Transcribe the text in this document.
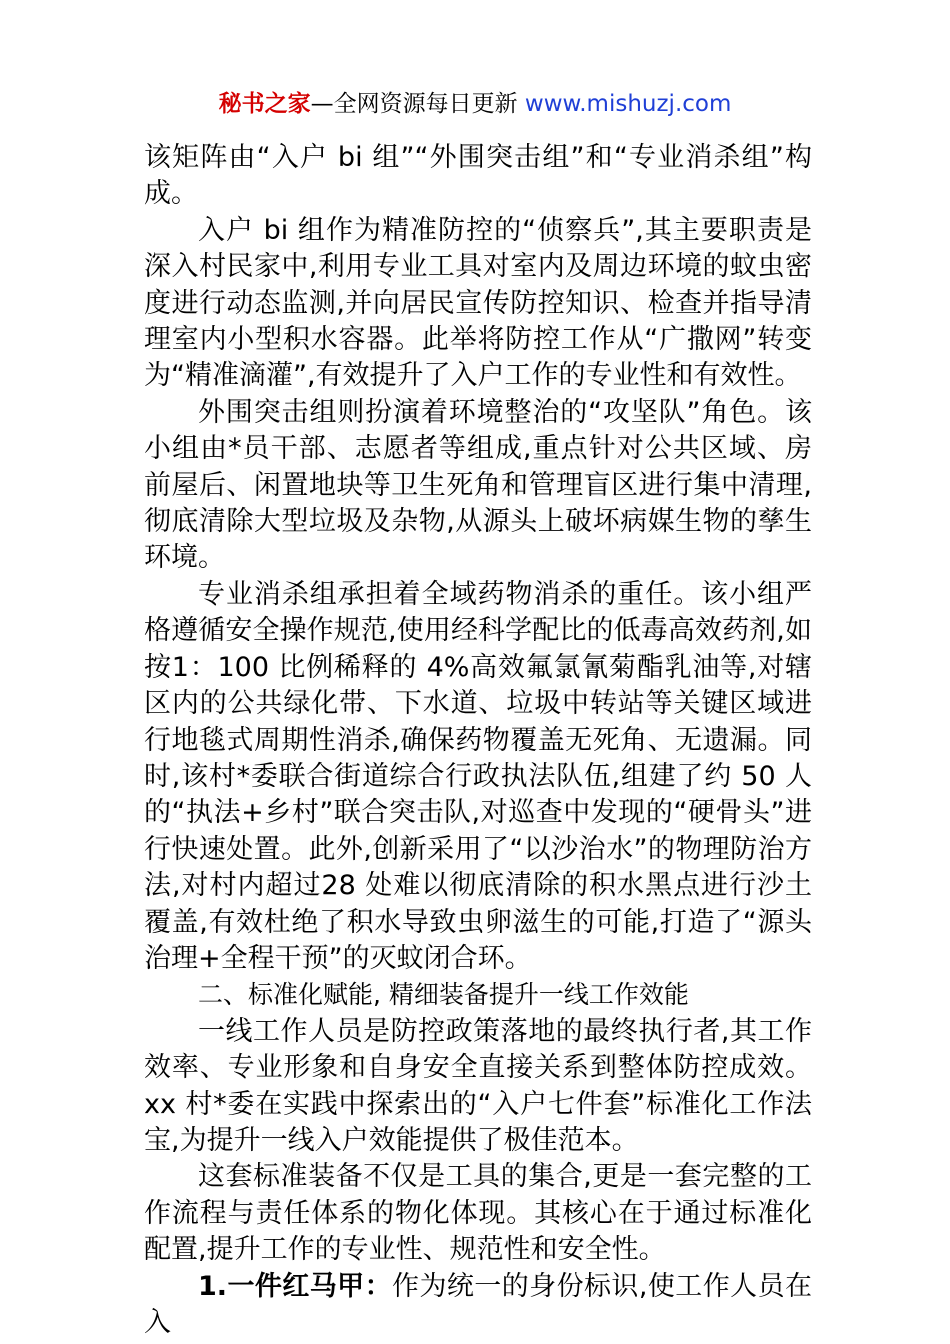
秘书之家—全网资源每日更新 www.mishuzj.com

该矩阵由“入户 bi 组”“外围突击组”和“专业消杀组”构成。

入户 bi 组作为精准防控的“侦察兵”,其主要职责是深入村民家中,利用专业工具对室内及周边环境的蚊虫密度进行动态监测,并向居民宣传防控知识、检查并指导清理室内小型积水容器。此举将防控工作从“广撒网”转变为“精准滴灌”,有效提升了入户工作的专业性和有效性。

外围突击组则扮演着环境整治的“攻坚队”角色。该小组由*员干部、志愿者等组成,重点针对公共区域、房前屋后、闲置地块等卫生死角和管理盲区进行集中清理,彻底清除大型垃圾及杂物,从源头上破坏病媒生物的孳生环境。

专业消杀组承担着全域药物消杀的重任。该小组严格遵循安全操作规范,使用经科学配比的低毒高效药剂,如按1：100 比例稀释的 4%高效氟氯氰菊酯乳油等,对辖区内的公共绿化带、下水道、垃圾中转站等关键区域进行地毯式周期性消杀,确保药物覆盖无死角、无遗漏。同时,该村*委联合街道综合行政执法队伍,组建了约 50 人的“执法+乡村”联合突击队,对巡查中发现的“硬骨头”进行快速处置。此外,创新采用了“以沙治水”的物理防治方法,对村内超过28 处难以彻底清除的积水黑点进行沙土覆盖,有效杜绝了积水导致虫卵滋生的可能,打造了“源头治理+全程干预”的灭蚊闭合环。

二、标准化赋能, 精细装备提升一线工作效能

一线工作人员是防控政策落地的最终执行者,其工作效率、专业形象和自身安全直接关系到整体防控成效。xx 村*委在实践中探索出的“入户七件套”标准化工作法宝,为提升一线入户效能提供了极佳范本。

这套标准装备不仅是工具的集合,更是一套完整的工作流程与责任体系的物化体现。其核心在于通过标准化配置,提升工作的专业性、规范性和安全性。

1.一件红马甲：作为统一的身份标识,使工作人员在入
